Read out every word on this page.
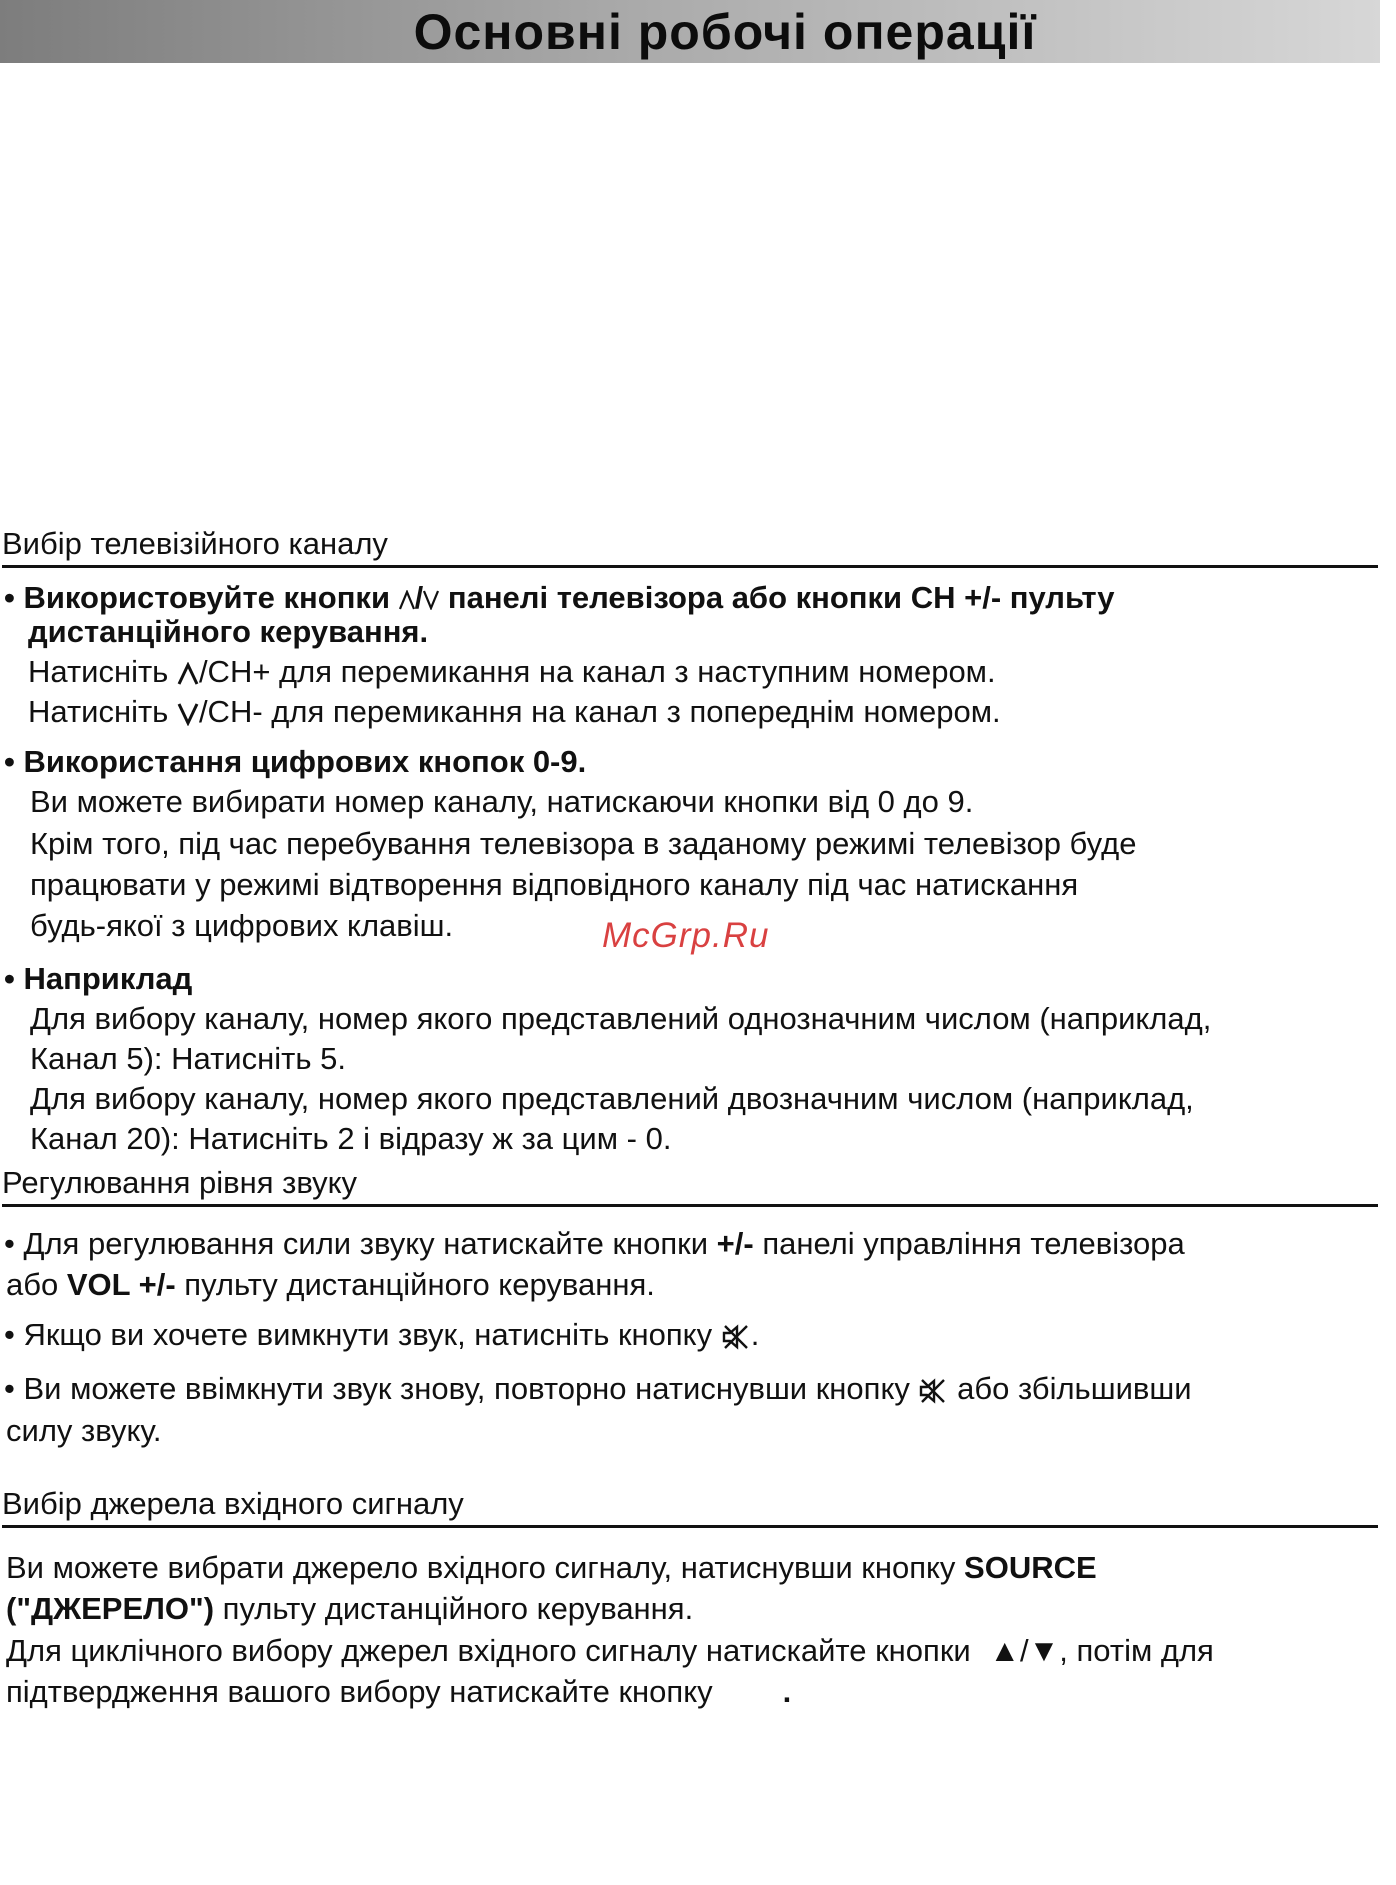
Основні робочі операції
Вибір телевізійного каналу
• Використовуйте кнопки / панелі телевізора або кнопки CH +/- пульту
дистанційного керування.
Натисніть /CH+ для перемикання на канал з наступним номером.
Натисніть /CH- для перемикання на канал з попереднім номером.
• Використання цифрових кнопок 0-9.
Ви можете вибирати номер каналу, натискаючи кнопки від 0 до 9.
Крім того, під час перебування телевізора в заданому режимі телевізор буде
працювати у режимі відтворення відповідного каналу під час натискання
будь-якої з цифрових клавіш.	McGrp.Ru
• Наприклад
Для вибору каналу, номер якого представлений однозначним числом (наприклад,
Канал 5): Натисніть 5.
Для вибору каналу, номер якого представлений двозначним числом (наприклад,
Канал 20): Натисніть 2 і відразу ж за цим - 0.
Регулювання рівня звуку
• Для регулювання сили звуку натискайте кнопки +/- панелі управління телевізора
або VOL +/- пульту дистанційного керування.
• Якщо ви хочете вимкнути звук, натисніть кнопку .
• Ви можете ввімкнути звук знову, повторно натиснувши кнопку  або збільшивши
силу звуку.
Вибір джерела вхідного сигналу
Ви можете вибрати джерело вхідного сигналу, натиснувши кнопку SOURCE
("ДЖЕРЕЛО") пульту дистанційного керування.
Для циклічного вибору джерел вхідного сигналу натискайте кнопки ▲/▼, потім для
підтвердження вашого вибору натискайте кнопку .
